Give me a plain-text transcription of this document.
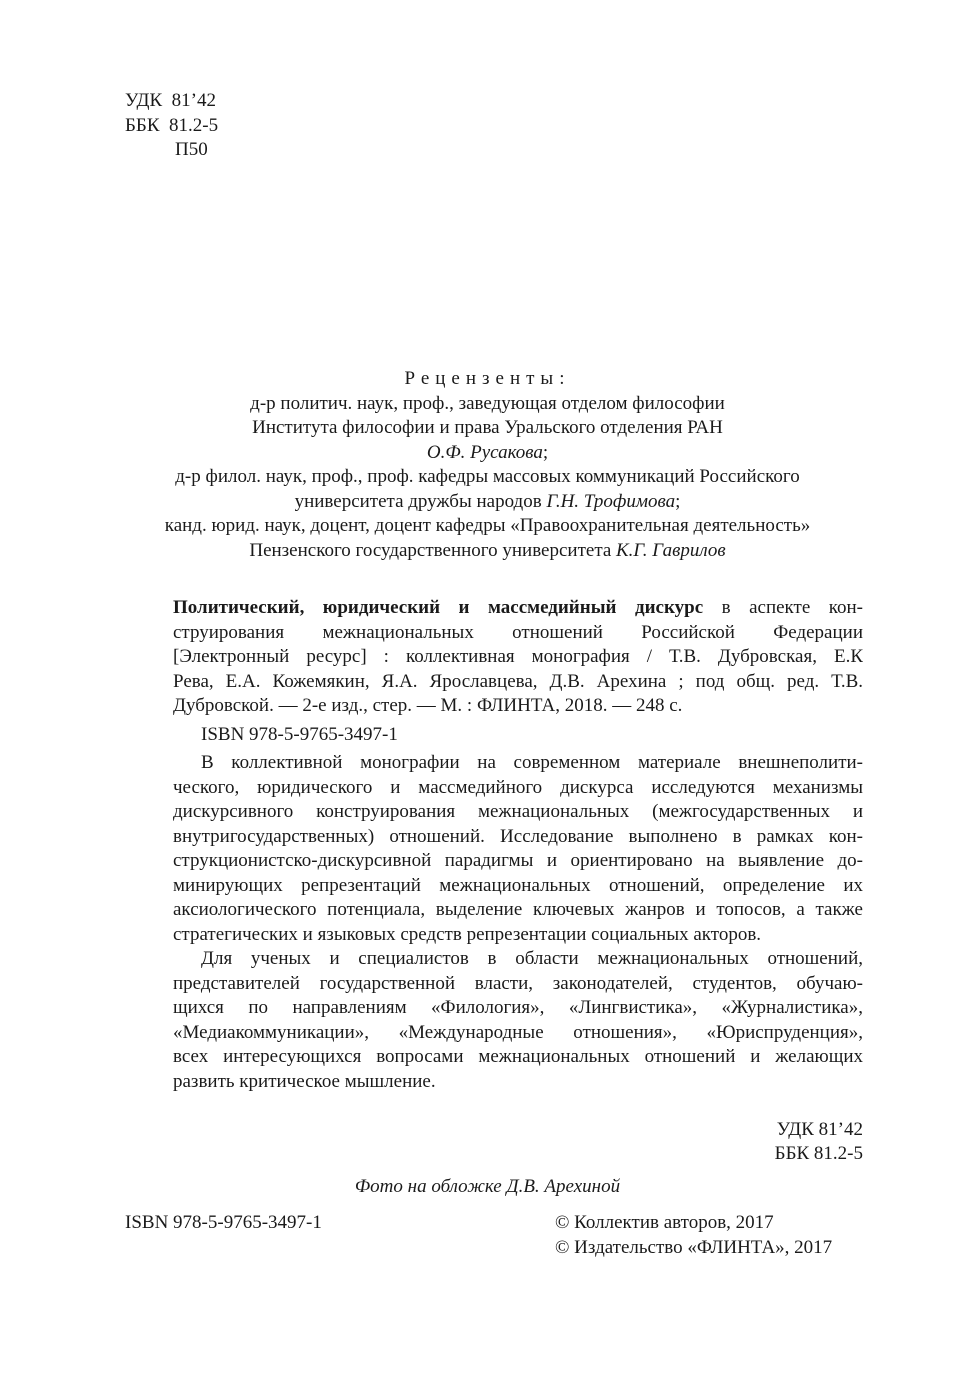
УДК 81’42
ББК 81.2-5
П50
Рецензенты:
д-р политич. наук, проф., заведующая отделом философии
Института философии и права Уральского отделения РАН
О.Ф. Русакова;
д-р филол. наук, проф., проф. кафедры массовых коммуникаций Российского
университета дружбы народов Г.Н. Трофимова;
канд. юрид. наук, доцент, доцент кафедры «Правоохранительная деятельность»
Пензенского государственного университета К.Г. Гаврилов
Политический, юридический и массмедийный дискурс в аспекте кон-
струирования межнациональных отношений Российской Федерации
[Электронный ресурс] : коллективная монография / Т.В. Дубровская, Е.К
Рева, Е.А. Кожемякин, Я.А. Ярославцева, Д.В. Арехина ; под общ. ред. Т.В.
Дубровской. — 2-е изд., стер. — М. : ФЛИНТА, 2018. — 248 с.
ISBN 978-5-9765-3497-1
В коллективной монографии на современном материале внешнеполити-
ческого, юридического и массмедийного дискурса исследуются механизмы
дискурсивного конструирования межнациональных (межгосударственных и
внутригосударственных) отношений. Исследование выполнено в рамках кон-
струкционистско-дискурсивной парадигмы и ориентировано на выявление до-
минирующих репрезентаций межнациональных отношений, определение их
аксиологического потенциала, выделение ключевых жанров и топосов, а также
стратегических и языковых средств репрезентации социальных акторов.
Для ученых и специалистов в области межнациональных отношений,
представителей государственной власти, законодателей, студентов, обучаю-
щихся по направлениям «Филология», «Лингвистика», «Журналистика»,
«Медиакоммуникации», «Международные отношения», «Юриспруденция»,
всех интересующихся вопросами межнациональных отношений и желающих
развить критическое мышление.
УДК 81’42
ББК 81.2-5
Фото на обложке Д.В. Арехиной
ISBN 978-5-9765-3497-1	© Коллектив авторов, 2017
© Издательство «ФЛИНТА», 2017
